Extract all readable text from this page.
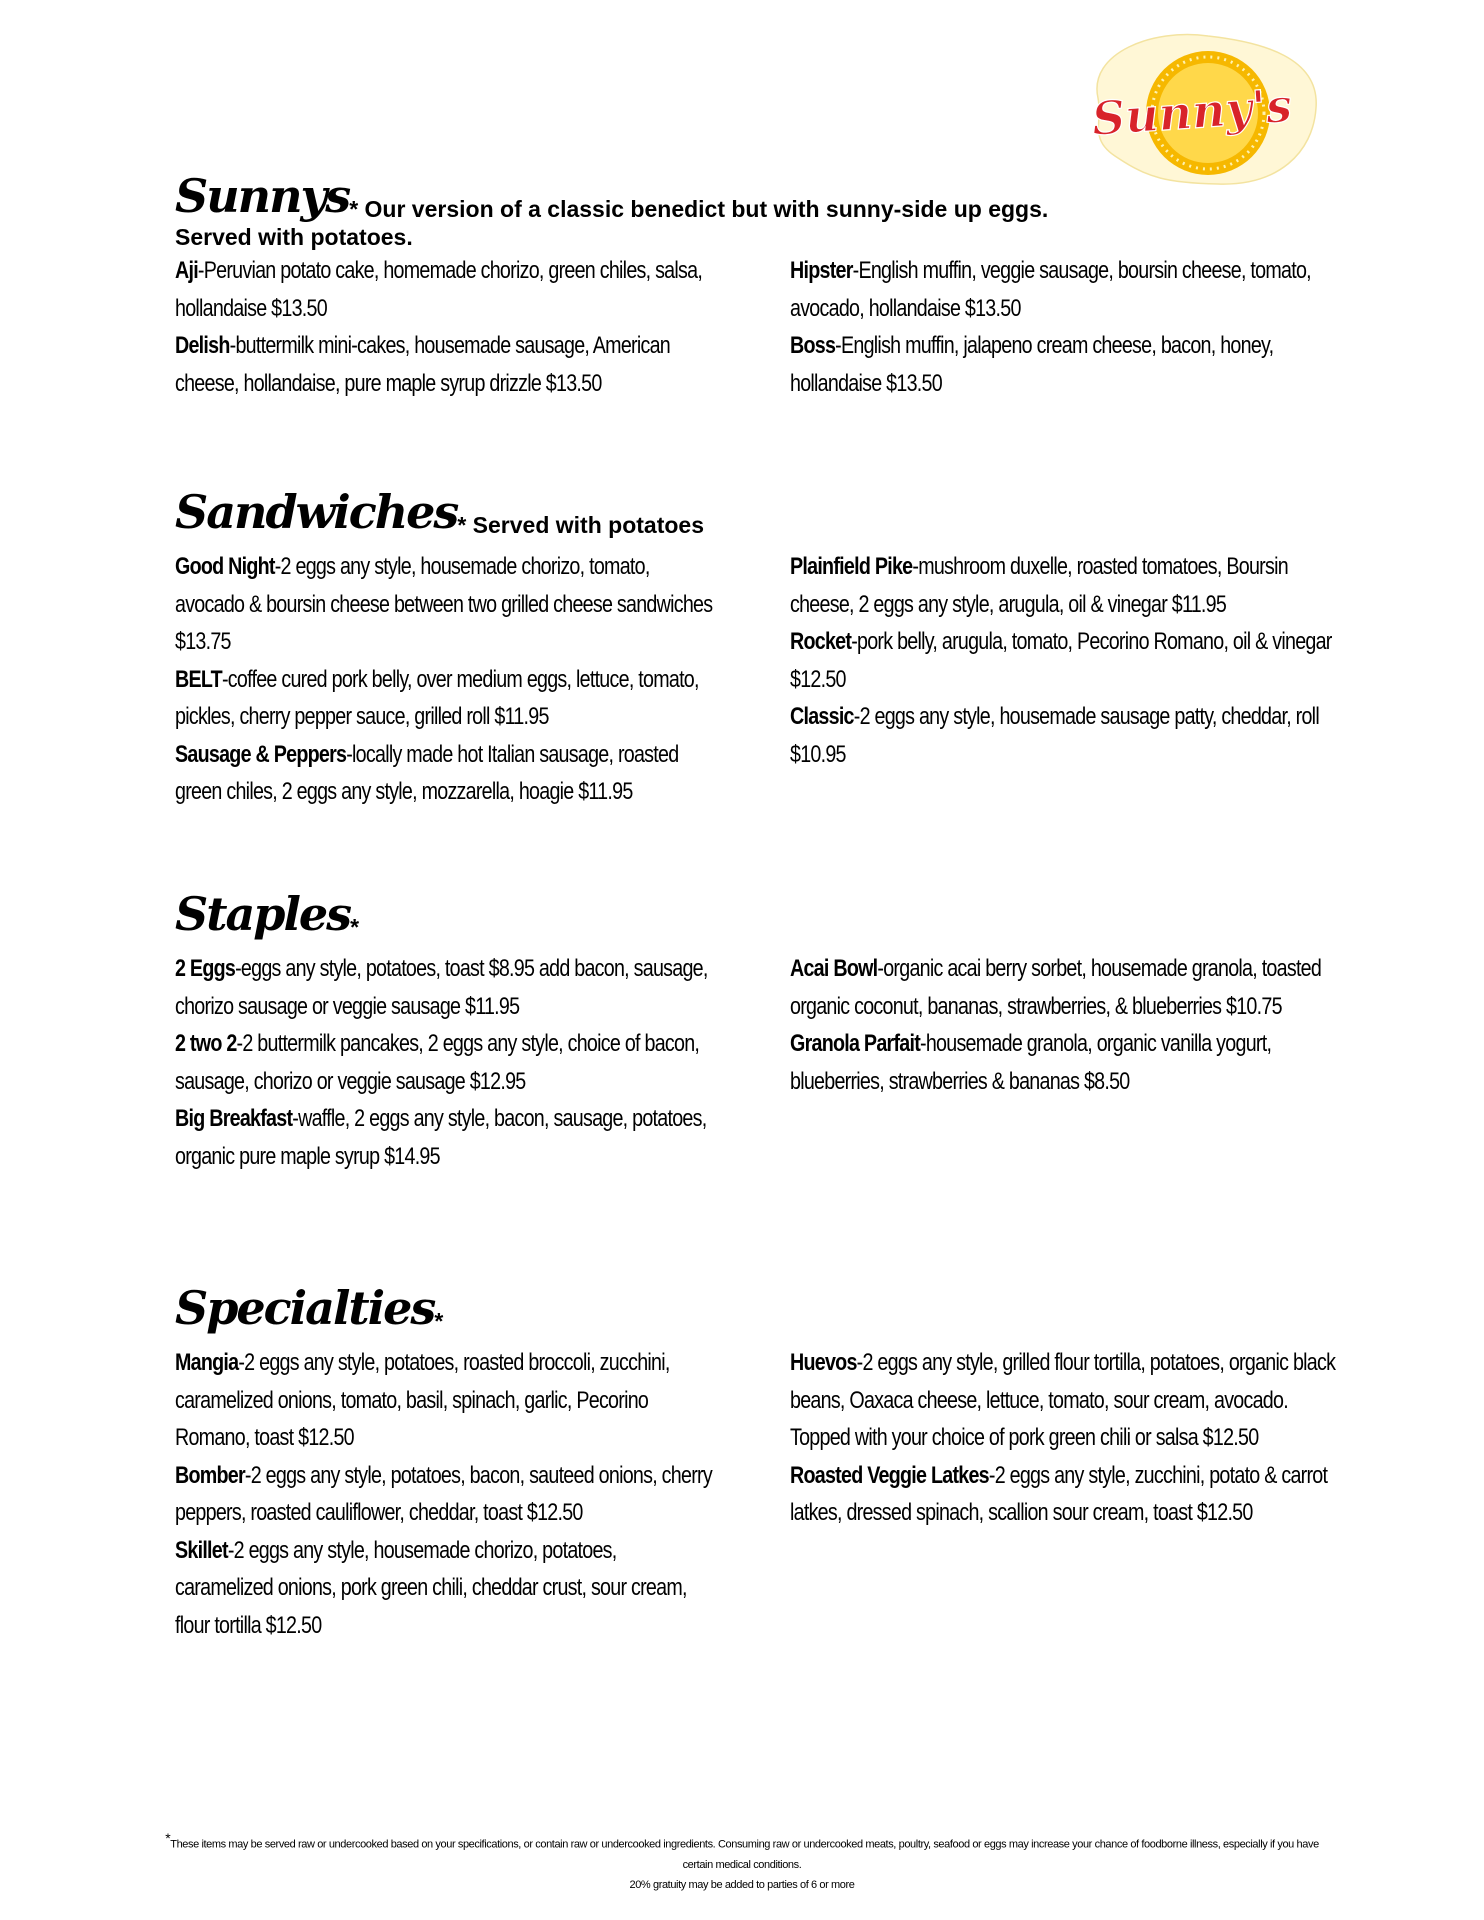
Sunny's
Sunnys* Our version of a classic benedict but with sunny-side up eggs.
Served with potatoes.
Aji-Peruvian potato cake, homemade chorizo, green chiles, salsa, hollandaise $13.50
Delish-buttermilk mini-cakes, housemade sausage, American cheese, hollandaise, pure maple syrup drizzle $13.50
Hipster-English muffin, veggie sausage, boursin cheese, tomato, avocado, hollandaise $13.50
Boss-English muffin, jalapeno cream cheese, bacon, honey, hollandaise $13.50
Sandwiches* Served with potatoes
Good Night-2 eggs any style, housemade chorizo, tomato, avocado & boursin cheese between two grilled cheese sandwiches $13.75
BELT-coffee cured pork belly, over medium eggs, lettuce, tomato, pickles, cherry pepper sauce, grilled roll $11.95
Sausage & Peppers-locally made hot Italian sausage, roasted green chiles, 2 eggs any style, mozzarella, hoagie $11.95
Plainfield Pike-mushroom duxelle, roasted tomatoes, Boursin cheese, 2 eggs any style, arugula, oil & vinegar $11.95
Rocket-pork belly, arugula, tomato, Pecorino Romano, oil & vinegar $12.50
Classic-2 eggs any style, housemade sausage patty, cheddar, roll $10.95
Staples*
2 Eggs-eggs any style, potatoes, toast $8.95 add bacon, sausage, chorizo sausage or veggie sausage $11.95
2 two 2-2 buttermilk pancakes, 2 eggs any style, choice of bacon, sausage, chorizo or veggie sausage $12.95
Big Breakfast-waffle, 2 eggs any style, bacon, sausage, potatoes, organic pure maple syrup $14.95
Acai Bowl-organic acai berry sorbet, housemade granola, toasted organic coconut, bananas, strawberries, & blueberries $10.75
Granola Parfait-housemade granola, organic vanilla yogurt, blueberries, strawberries & bananas $8.50
Specialties*
Mangia-2 eggs any style, potatoes, roasted broccoli, zucchini, caramelized onions, tomato, basil, spinach, garlic, Pecorino Romano, toast $12.50
Bomber-2 eggs any style, potatoes, bacon, sauteed onions, cherry peppers, roasted cauliflower, cheddar, toast $12.50
Skillet-2 eggs any style, housemade chorizo, potatoes, caramelized onions, pork green chili, cheddar crust, sour cream, flour tortilla $12.50
Huevos-2 eggs any style, grilled flour tortilla, potatoes, organic black beans, Oaxaca cheese, lettuce, tomato, sour cream, avocado. Topped with your choice of pork green chili or salsa $12.50
Roasted Veggie Latkes-2 eggs any style, zucchini, potato & carrot latkes, dressed spinach, scallion sour cream, toast $12.50
*These items may be served raw or undercooked based on your specifications, or contain raw or undercooked ingredients. Consuming raw or undercooked meats, poultry, seafood or eggs may increase your chance of foodborne illness, especially if you have certain medical conditions.
20% gratuity may be added to parties of 6 or more
